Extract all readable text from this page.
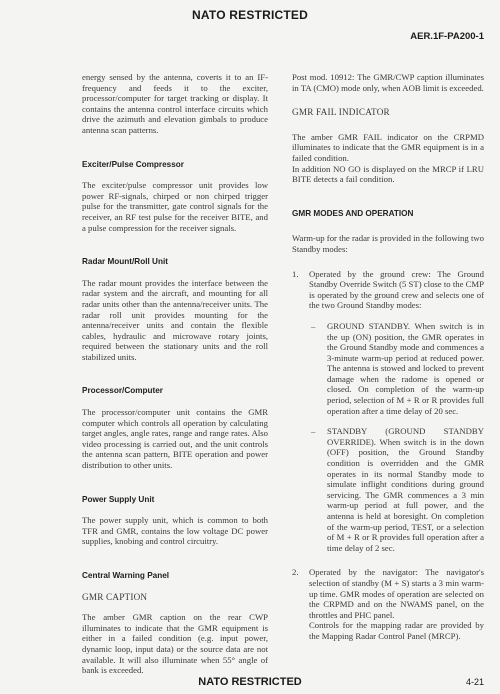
NATO RESTRICTED
AER.1F-PA200-1

energy sensed by the antenna, coverts it to an IF-frequency and feeds it to the exciter, processor/computer for target tracking or display. It contains the antenna control interface circuits which drive the azimuth and elevation gimbals to produce antenna scan patterns.

Exciter/Pulse Compressor

The exciter/pulse compressor unit provides low power RF-signals, chirped or non chirped trigger pulse for the transmitter, gate control signals for the receiver, an RF test pulse for the receiver BITE, and a pulse compression for the receiver signals.

Radar Mount/Roll Unit

The radar mount provides the interface between the radar system and the aircraft, and mounting for all radar units other than the antenna/receiver units. The radar roll unit provides mounting for the antenna/receiver units and contain the flexible cables, hydraulic and microwave rotary joints, required between the stationary units and the roll stabilized units.

Processor/Computer

The processor/computer unit contains the GMR computer which controls all operation by calculating target angles, angle rates, range and range rates. Also video processing is carried out, and the unit controls the antenna scan pattern, BITE operation and power distribution to other units.

Power Supply Unit

The power supply unit, which is common to both TFR and GMR, contains the low voltage DC power supplies, knobing and control circuitry.

Central Warning Panel
GMR CAPTION

The amber GMR caption on the rear CWP illuminates to indicate that the GMR equipment is either in a failed condition (e.g. input power, dynamic loop, input data) or the source data are not available. It will also illuminate when 55° angle of bank is exceeded.

Post mod. 10912: The GMR/CWP caption illuminates in TA (CMO) mode only, when AOB limit is exceeded.

GMR FAIL INDICATOR

The amber GMR FAIL indicator on the CRPMD illuminates to indicate that the GMR equipment is in a failed condition.

In addition NO GO is displayed on the MRCP if LRU BITE detects a fail condition.

GMR MODES AND OPERATION

Warm-up for the radar is provided in the following two Standby modes:

1.	Operated by the ground crew: The Ground Standby Override Switch (5 ST) close to the CMP is operated by the ground crew and selects one of the two Ground Standby modes:

–	GROUND STANDBY. When switch is in the up (ON) position, the GMR operates in the Ground Standby mode and commences a 3-minute warm-up period at reduced power. The antenna is stowed and locked to prevent damage when the radome is opened or closed. On completion of the warm-up period, selection of M + R or R provides full operation after a time delay of 20 sec.

–	STANDBY (GROUND STANDBY OVERRIDE). When switch is in the down (OFF) position, the Ground Standby condition is overridden and the GMR operates in its normal Standby mode to simulate inflight conditions during ground servicing. The GMR commences a 3 min warm-up period at full power, and the antenna is held at boresight. On completion of the warm-up period, TEST, or a selection of M + R or R provides full operation after a time delay of 2 sec.

2.	Operated by the navigator: The navigator's selection of standby (M + S) starts a 3 min warm-up time. GMR modes of operation are selected on the CRPMD and on the NWAMS panel, on the throttles and PHC panel.

Controls for the mapping radar are provided by the Mapping Radar Control Panel (MRCP).

NATO RESTRICTED	4-21
